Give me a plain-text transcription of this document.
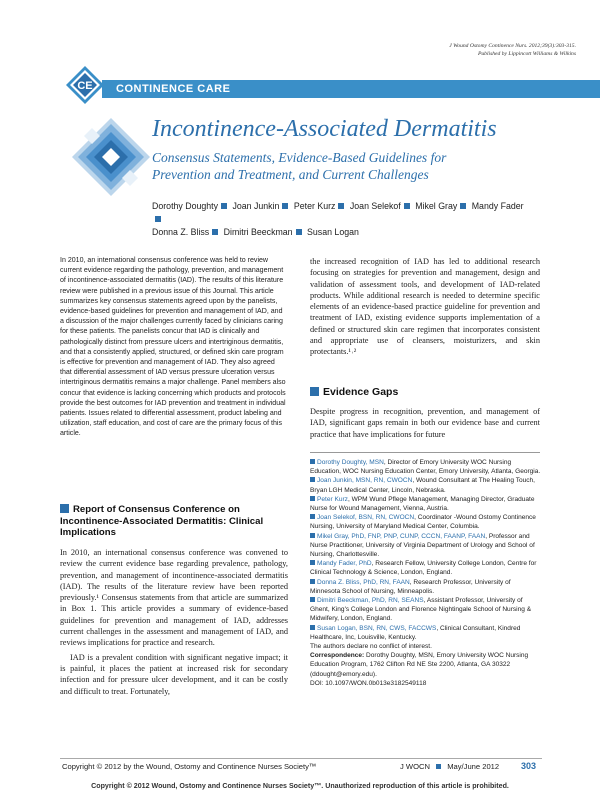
J Wound Ostomy Continence Nurs. 2012;39(3):303-315.
Published by Lippincott Williams & Wilkins
CE CONTINENCE CARE
Incontinence-Associated Dermatitis
Consensus Statements, Evidence-Based Guidelines for Prevention and Treatment, and Current Challenges
Dorothy Doughty Joan Junkin Peter Kurz Joan Selekof Mikel Gray Mandy Fader
Donna Z. Bliss Dimitri Beeckman Susan Logan
In 2010, an international consensus conference was held to review current evidence regarding the pathology, prevention, and management of incontinence-associated dermatitis (IAD). The results of this literature review were published in a previous issue of this Journal. This article summarizes key consensus statements agreed upon by the panelists, evidence-based guidelines for prevention and management of IAD, and a discussion of the major challenges currently faced by clinicians caring for these patients. The panelists concur that IAD is clinically and pathologically distinct from pressure ulcers and intertriginous dermatitis, and that a consistently applied, structured, or defined skin care program is effective for prevention and management of IAD. They also agreed that differential assessment of IAD versus pressure ulceration versus intertriginous dermatitis remains a major challenge. Panel members also concur that evidence is lacking concerning which products and protocols provide the best outcomes for IAD prevention and treatment in individual patients. Issues related to differential assessment, product labeling and utilization, staff education, and cost of care are the primary focus of this article.
Report of Consensus Conference on Incontinence-Associated Dermatitis: Clinical Implications
In 2010, an international consensus conference was convened to review the current evidence base regarding prevalence, pathology, prevention, and management of incontinence-associated dermatitis (IAD). The results of the literature review have been reported previously.¹ Consensus statements from that article are summarized in Box 1. This article provides a summary of evidence-based guidelines for prevention and management of IAD, addresses current challenges in the assessment and management of IAD, and reviews implications for practice and research.
IAD is a prevalent condition with significant negative impact; it is painful, it places the patient at increased risk for secondary infection and for pressure ulcer development, and it can be costly and difficult to treat. Fortunately,
the increased recognition of IAD has led to additional research focusing on strategies for prevention and management, design and validation of assessment tools, and development of IAD-related products. While additional research is needed to determine specific elements of an evidence-based practice guideline for prevention and treatment of IAD, existing evidence supports implementation of a defined or structured skin care regimen that incorporates consistent and appropriate use of cleansers, moisturizers, and skin protectants.¹˒²
Evidence Gaps
Despite progress in recognition, prevention, and management of IAD, significant gaps remain in both our evidence base and current practice that have implications for future
Dorothy Doughty, MSN, Director of Emory University WOC Nursing Education, WOC Nursing Education Center, Emory University, Atlanta, Georgia.
Joan Junkin, MSN, RN, CWOCN, Wound Consultant at The Healing Touch, Bryan LGH Medical Center, Lincoln, Nebraska.
Peter Kurz, WPM Wund Pflege Management, Managing Director, Graduate Nurse for Wound Management, Vienna, Austria.
Joan Selekof, BSN, RN, CWOCN, Coordinator -Wound Ostomy Continence Nursing, University of Maryland Medical Center, Columbia.
Mikel Gray, PhD, FNP, PNP, CUNP, CCCN, FAANP, FAAN, Professor and Nurse Practitioner, University of Virginia Department of Urology and School of Nursing, Charlottesville.
Mandy Fader, PhD, Research Fellow, University College London, Centre for Clinical Technology & Science, London, England.
Donna Z. Bliss, PhD, RN, FAAN, Research Professor, University of Minnesota School of Nursing, Minneapolis.
Dimitri Beeckman, PhD, RN, SEANS, Assistant Professor, University of Ghent, King's College London and Florence Nightingale School of Nursing & Midwifery, London, England.
Susan Logan, BSN, RN, CWS, FACCWS, Clinical Consultant, Kindred Healthcare, Inc, Louisville, Kentucky.
The authors declare no conflict of interest.
Correspondence: Dorothy Doughty, MSN, Emory University WOC Nursing Education Program, 1762 Clifton Rd NE Ste 2200, Atlanta, GA 30322 (ddought@emory.edu).
DOI: 10.1097/WON.0b013e3182549118
Copyright © 2012 by the Wound, Ostomy and Continence Nurses Society™	J WOCN May/June 2012 303
Copyright © 2012 Wound, Ostomy and Continence Nurses Society™. Unauthorized reproduction of this article is prohibited.
